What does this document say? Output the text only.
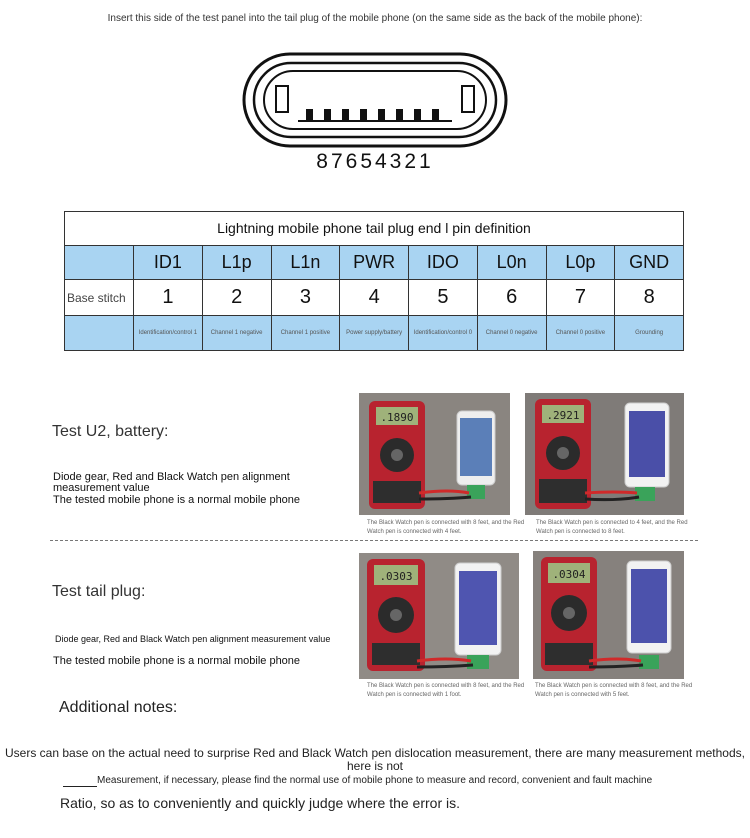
Insert this side of the test panel into the tail plug of the mobile phone (on the same side as the back of the mobile phone):
87654321
Lightning mobile phone tail plug end l pin definition								
	ID1	L1p	L1n	PWR	IDO	L0n	L0p	GND
Base stitch	1	2	3	4	5	6	7	8
	Identification/control 1	Channel 1 negative	Channel 1 positive	Power supply/battery	Identification/control 0	Channel 0 negative	Channel 0 positive	Grounding
Test U2, battery:
Diode gear, Red and Black Watch pen alignment measurement value
The tested mobile phone is a normal mobile phone
.1890	.2921
The Black Watch pen is connected with 8 feet, and the Red Watch pen is connected with 4 feet.
The Black Watch pen is connected to 4 feet, and the Red Watch pen is connected to 8 feet.
Test tail plug:
Diode gear, Red and Black Watch pen alignment measurement value
The tested mobile phone is a normal mobile phone
.0303	.0304
The Black Watch pen is connected with 8 feet, and the Red Watch pen is connected with 1 foot.
The Black Watch pen is connected with 8 feet, and the Red Watch pen is connected with 5 feet.
Additional notes:
Users can base on the actual need to surprise Red and Black Watch pen dislocation measurement, there are many measurement methods, here is not
Measurement, if necessary, please find the normal use of mobile phone to measure and record, convenient and fault machine
Ratio, so as to conveniently and quickly judge where the error is.
